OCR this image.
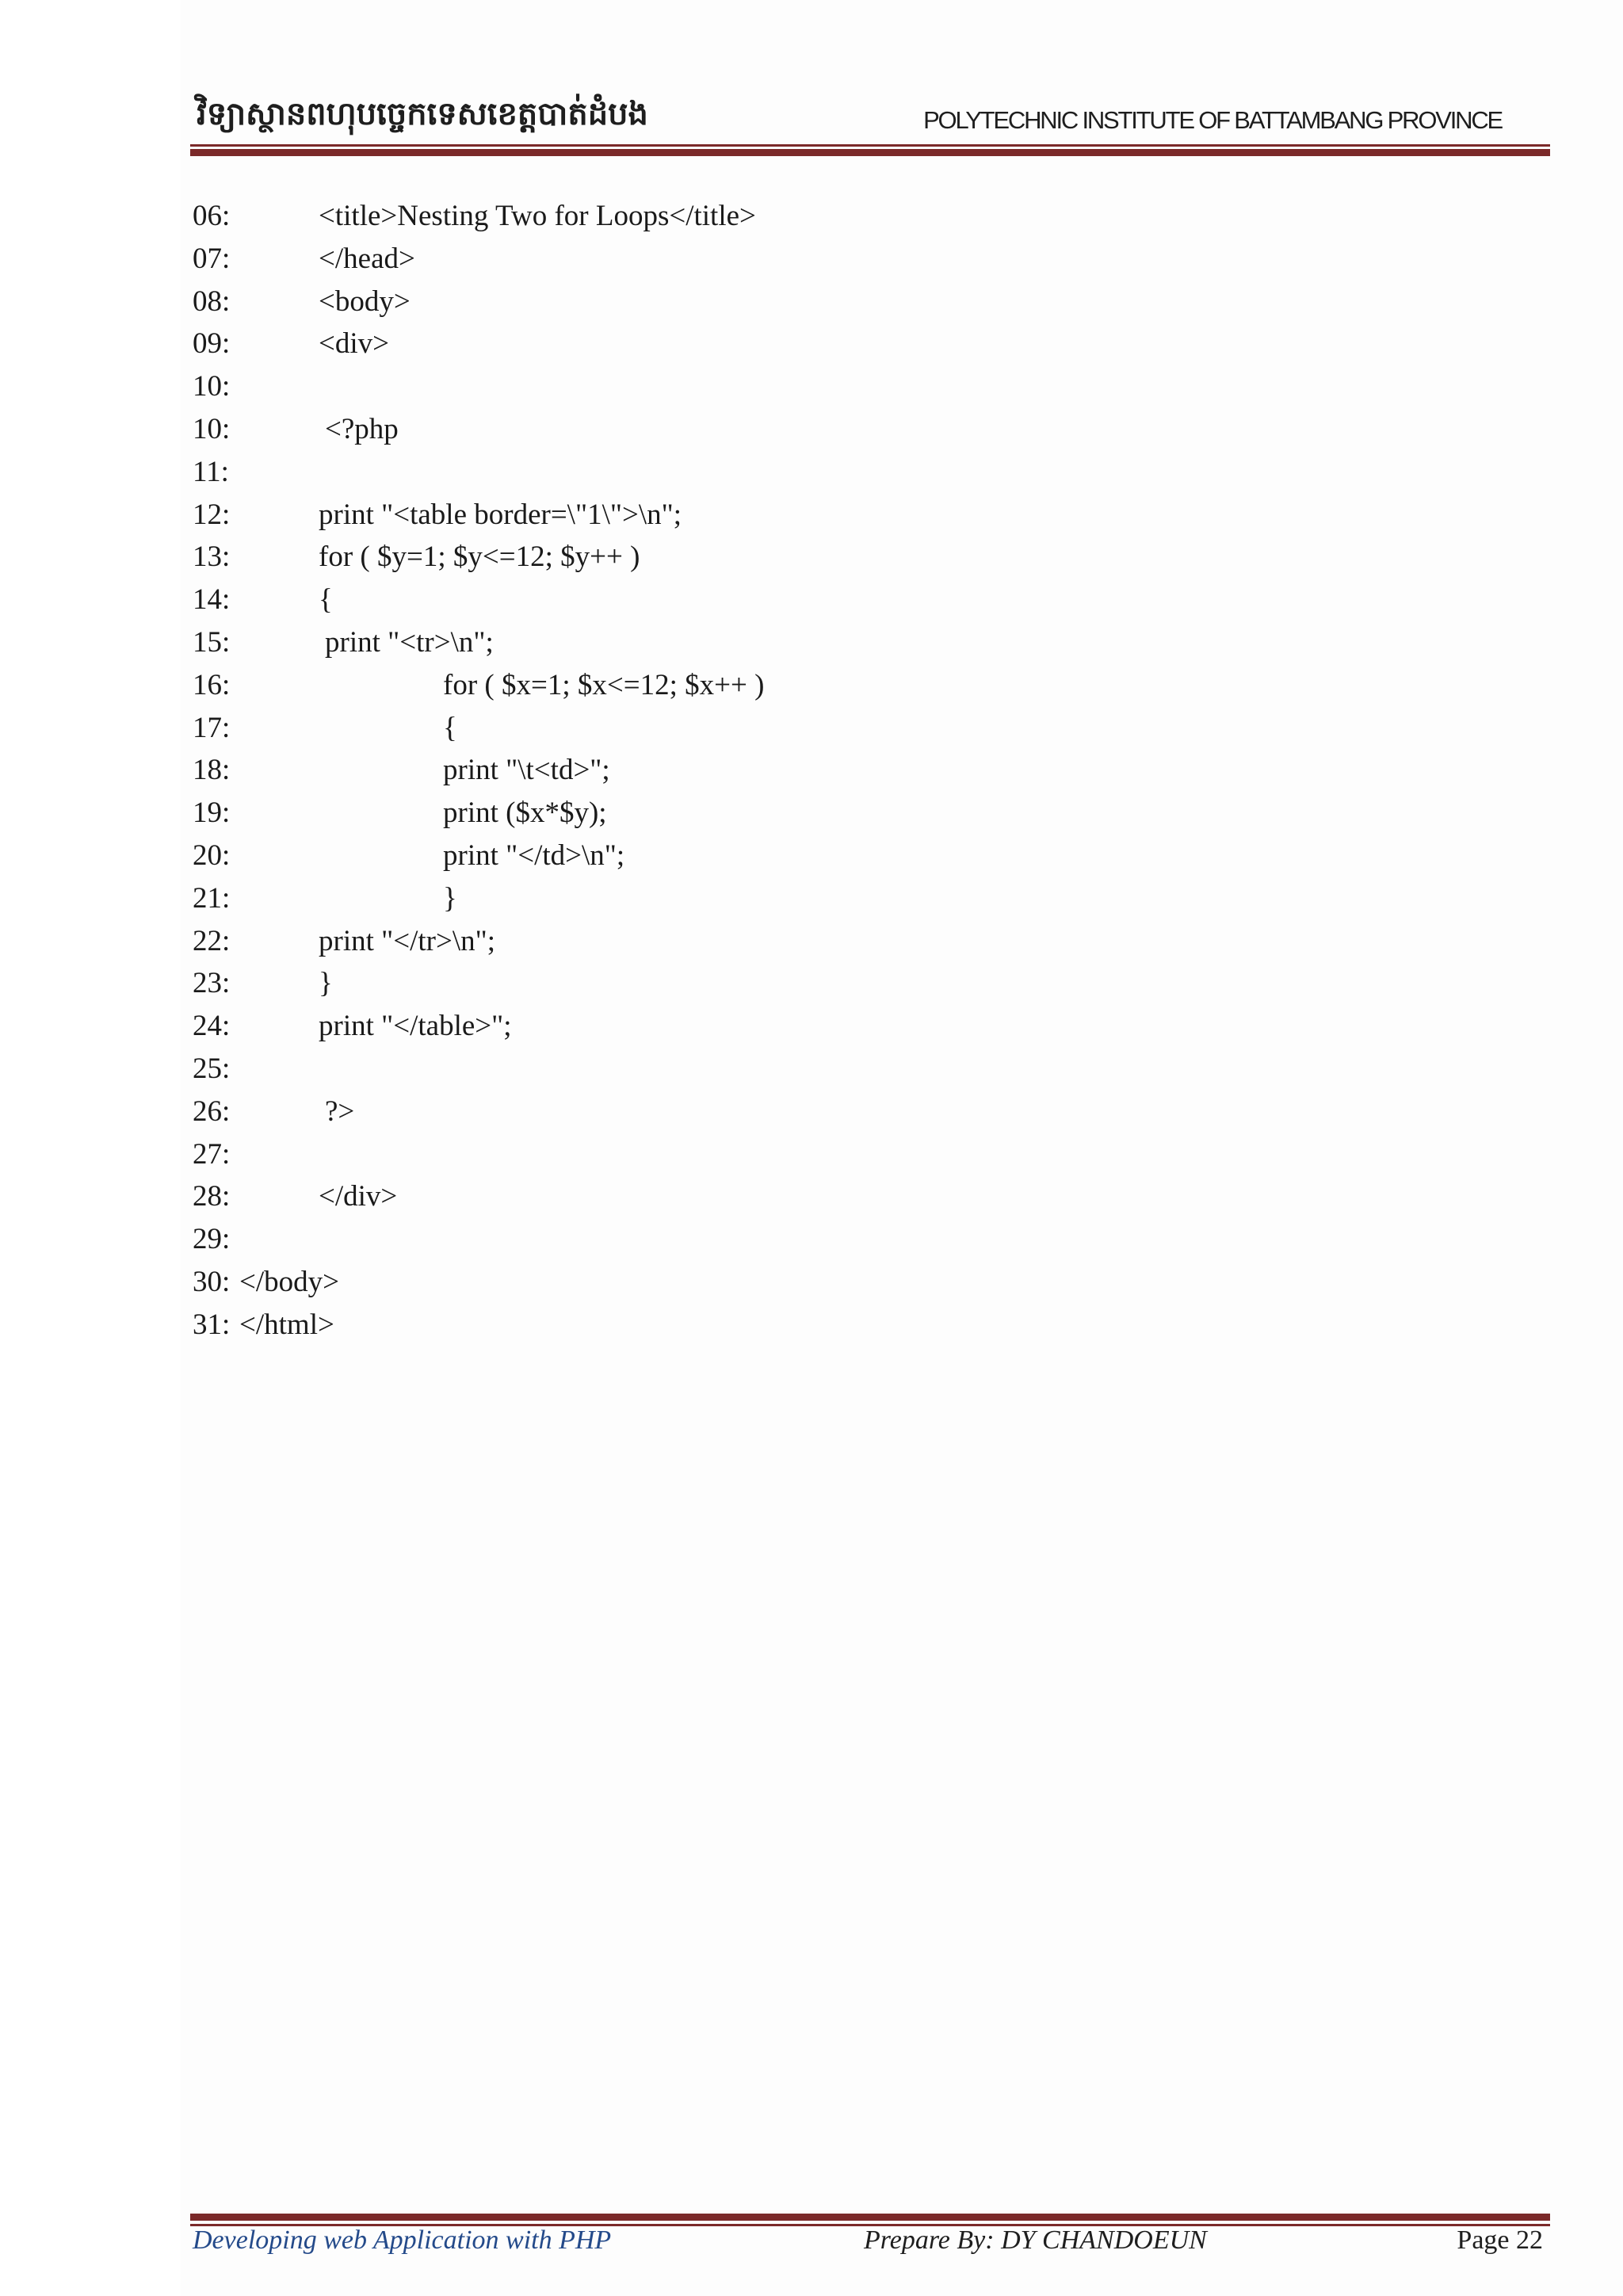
វិទ្យាស្ថានពហុបច្ចេកទេសខេត្តបាត់ដំបង	POLYTECHNIC INSTITUTE OF BATTAMBANG PROVINCE
06:	<title>Nesting Two for Loops</title>
07:	</head>
08:	<body>
09:	<div>
10:
10:	<?php
11:
12:	print "<table border=\"1\">\n";
13:	for ( $y=1; $y<=12; $y++ )
14:	{
15:	print "<tr>\n";
16:	for ( $x=1; $x<=12; $x++ )
17:	{
18:	print "\t<td>";
19:	print ($x*$y);
20:	print "</td>\n";
21:	}
22:	print "</tr>\n";
23:	}
24:	print "</table>";
25:
26:	?>
27:
28:	</div>
29:
30: </body>
31: </html>
Developing web Application with PHP	Prepare By: DY CHANDOEUN	Page 22
